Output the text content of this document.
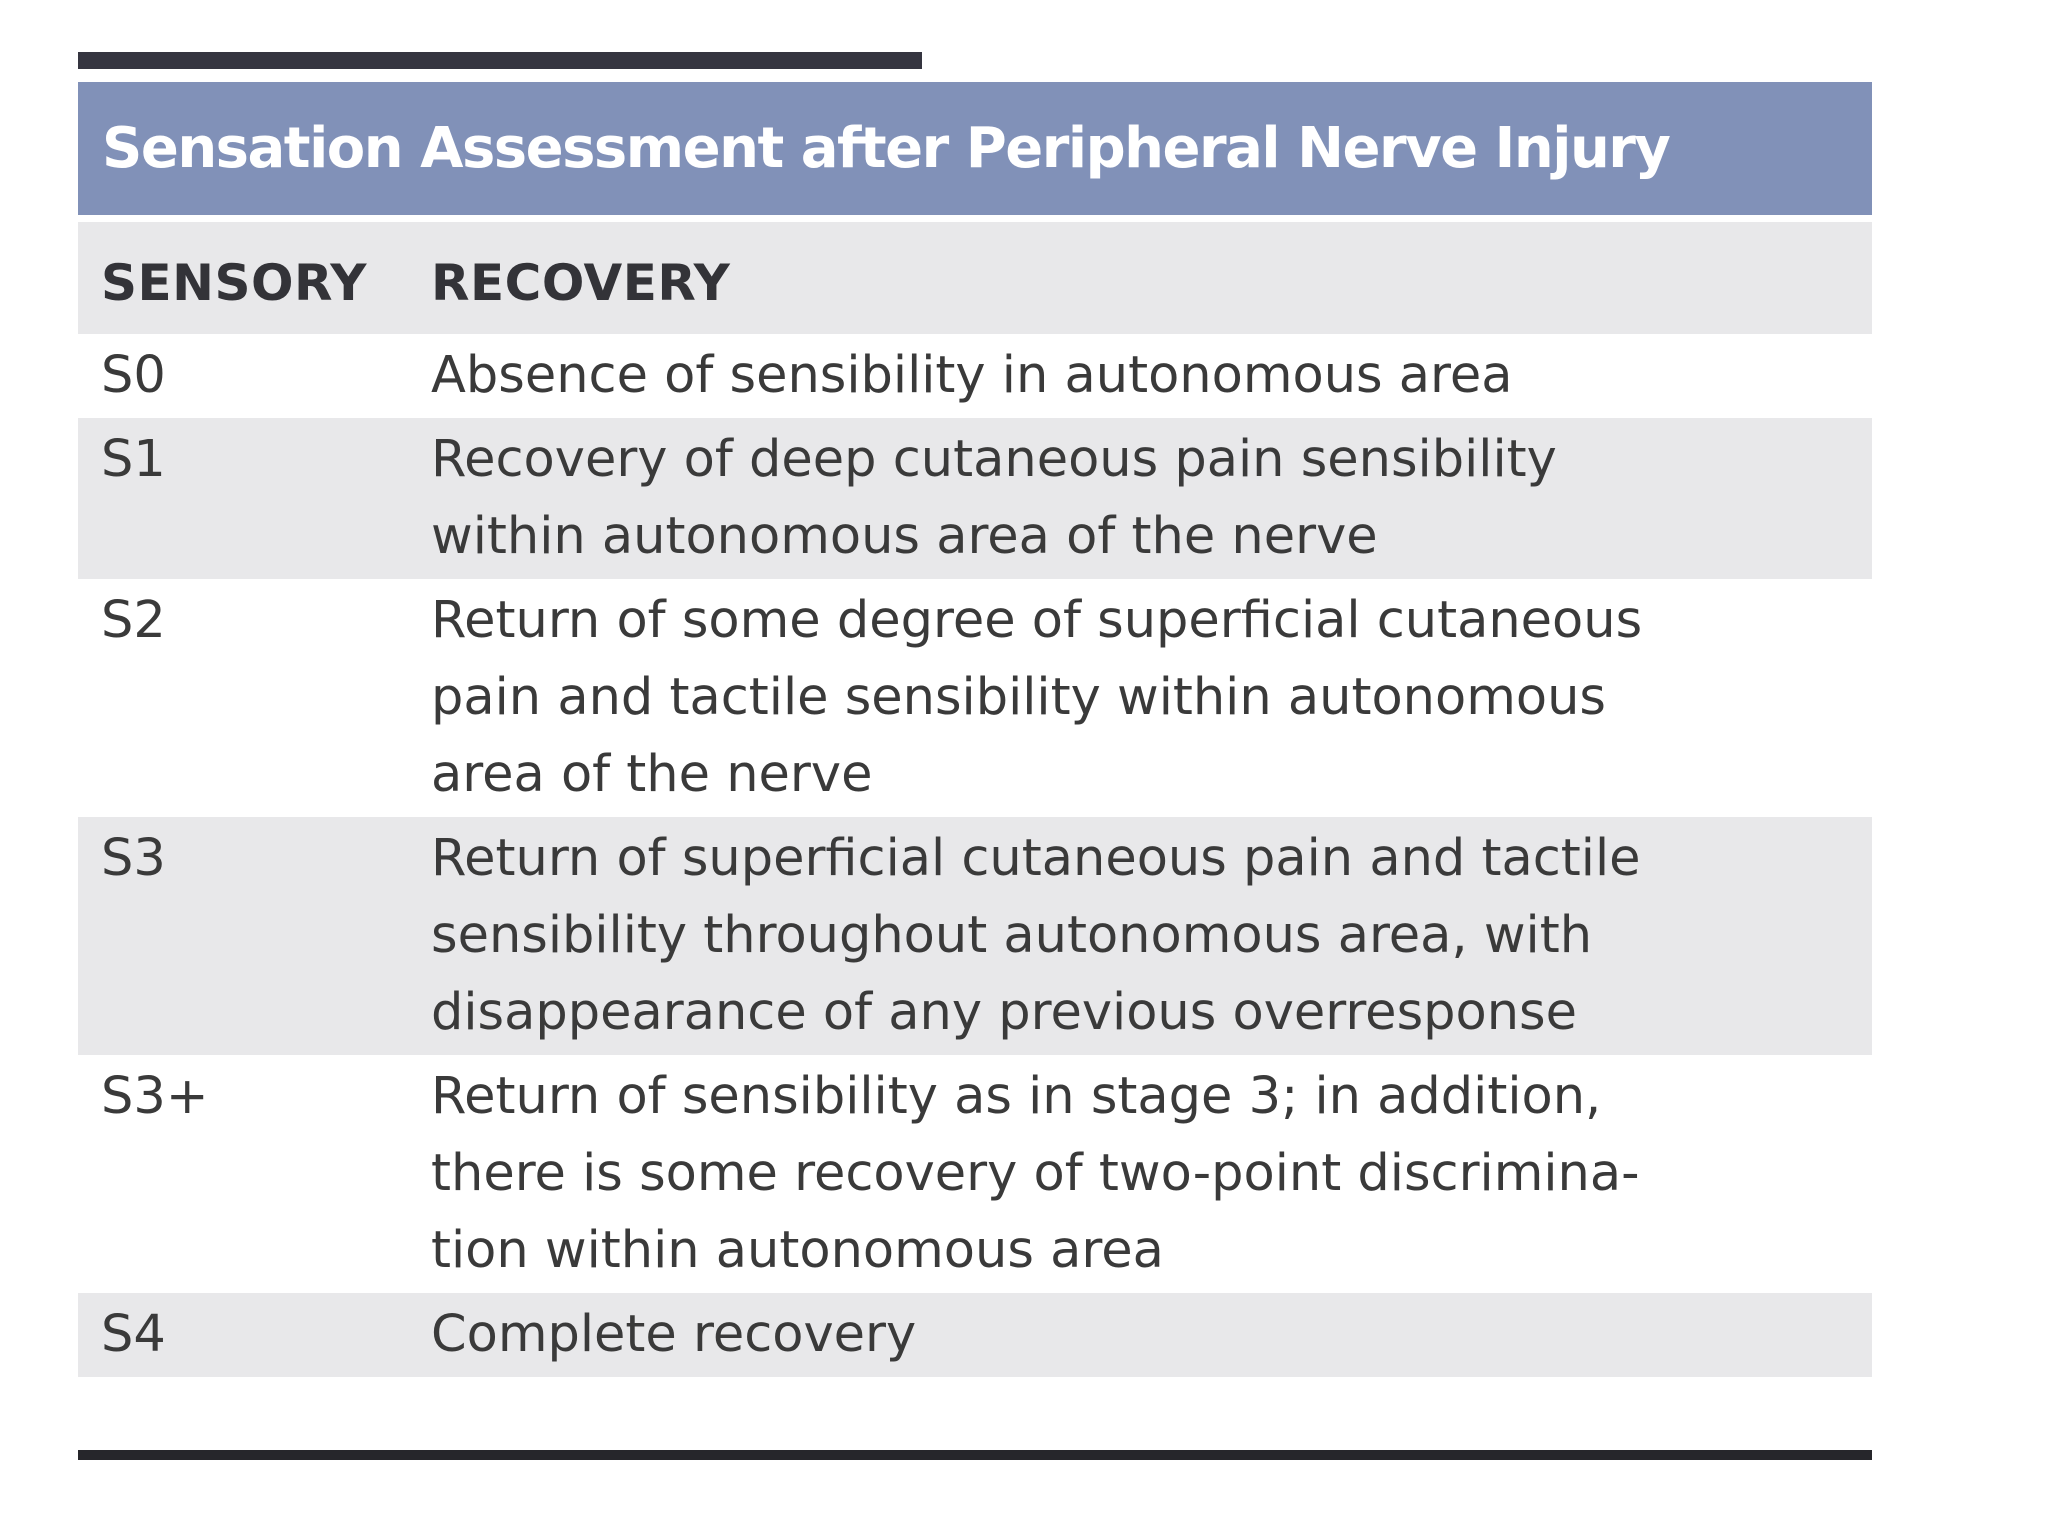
Sensation Assessment after Peripheral Nerve Injury
SENSORY	RECOVERY
S0	Absence of sensibility in autonomous area
S1	Recovery of deep cutaneous pain sensibility
within autonomous area of the nerve
S2	Return of some degree of superficial cutaneous
pain and tactile sensibility within autonomous
area of the nerve
S3	Return of superficial cutaneous pain and tactile
sensibility throughout autonomous area, with
disappearance of any previous overresponse
S3+	Return of sensibility as in stage 3; in addition,
there is some recovery of two-point discrimina-
tion within autonomous area
S4	Complete recovery
